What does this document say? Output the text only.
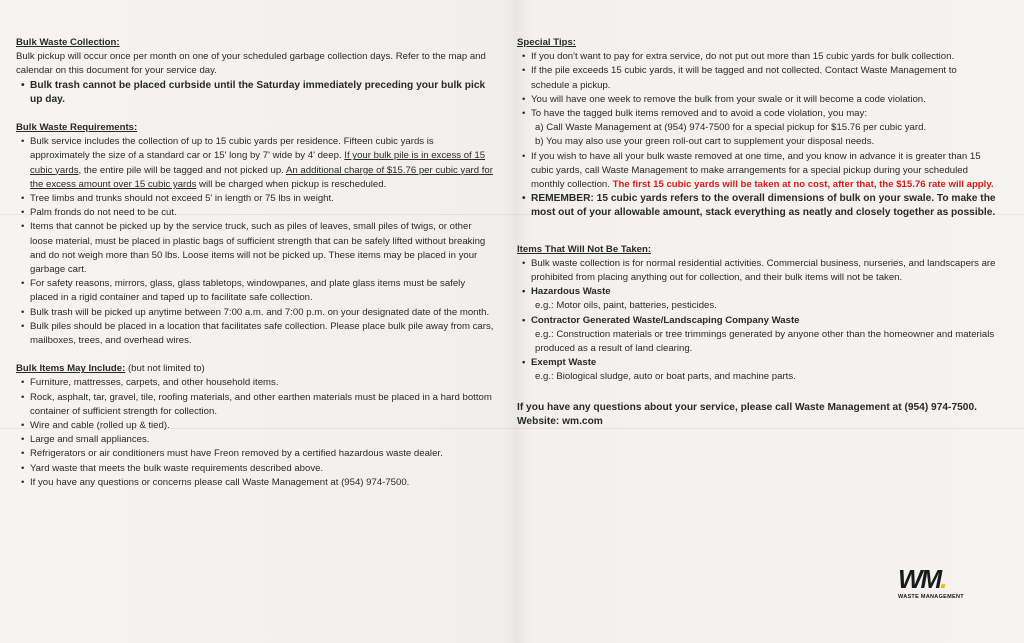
Bulk Waste Collection:

Bulk pickup will occur once per month on one of your scheduled garbage collection days. Refer to the map and calendar on this document for your service day.

• Bulk trash cannot be placed curbside until the Saturday immediately preceding your bulk pick up day.

Bulk Waste Requirements:

• Bulk service includes the collection of up to 15 cubic yards per residence. Fifteen cubic yards is approximately the size of a standard car or 15' long by 7' wide by 4' deep. If your bulk pile is in excess of 15 cubic yards, the entire pile will be tagged and not picked up. An additional charge of $15.76 per cubic yard for the excess amount over 15 cubic yards will be charged when pickup is rescheduled.
• Tree limbs and trunks should not exceed 5' in length or 75 lbs in weight.
• Palm fronds do not need to be cut.
• Items that cannot be picked up by the service truck, such as piles of leaves, small piles of twigs, or other loose material, must be placed in plastic bags of sufficient strength that can be safely lifted without breaking and do not weigh more than 50 lbs. Loose items will not be picked up. These items may be placed in your garbage cart.
• For safety reasons, mirrors, glass, glass tabletops, windowpanes, and plate glass items must be safely placed in a rigid container and taped up to facilitate safe collection.
• Bulk trash will be picked up anytime between 7:00 a.m. and 7:00 p.m. on your designated date of the month.
• Bulk piles should be placed in a location that facilitates safe collection. Please place bulk pile away from cars, mailboxes, trees, and overhead wires.

Bulk Items May Include: (but not limited to)

• Furniture, mattresses, carpets, and other household items.
• Rock, asphalt, tar, gravel, tile, roofing materials, and other earthen materials must be placed in a hard bottom container of sufficient strength for collection.
• Wire and cable (rolled up & tied).
• Large and small appliances.
• Refrigerators or air conditioners must have Freon removed by a certified hazardous waste dealer.
• Yard waste that meets the bulk waste requirements described above.
• If you have any questions or concerns please call Waste Management at (954) 974-7500.

Special Tips:

• If you don't want to pay for extra service, do not put out more than 15 cubic yards for bulk collection.
• If the pile exceeds 15 cubic yards, it will be tagged and not collected. Contact Waste Management to schedule a pickup.
• You will have one week to remove the bulk from your swale or it will become a code violation.
• To have the tagged bulk items removed and to avoid a code violation, you may:
a) Call Waste Management at (954) 974-7500 for a special pickup for $15.76 per cubic yard.
b) You may also use your green roll-out cart to supplement your disposal needs.
• If you wish to have all your bulk waste removed at one time, and you know in advance it is greater than 15 cubic yards, call Waste Management to make arrangements for a special pickup during your scheduled monthly collection. The first 15 cubic yards will be taken at no cost, after that, the $15.76 rate will apply.
• REMEMBER: 15 cubic yards refers to the overall dimensions of bulk on your swale. To make the most out of your allowable amount, stack everything as neatly and closely together as possible.

Items That Will Not Be Taken:

• Bulk waste collection is for normal residential activities. Commercial business, nurseries, and landscapers are prohibited from placing anything out for collection, and their bulk items will not be taken.
• Hazardous Waste
e.g.: Motor oils, paint, batteries, pesticides.
• Contractor Generated Waste/Landscaping Company Waste
e.g.: Construction materials or tree trimmings generated by anyone other than the homeowner and materials produced as a result of land clearing.
• Exempt Waste
e.g.: Biological sludge, auto or boat parts, and machine parts.

If you have any questions about your service, please call Waste Management at (954) 974-7500. Website: wm.com

WM.
WASTE MANAGEMENT
